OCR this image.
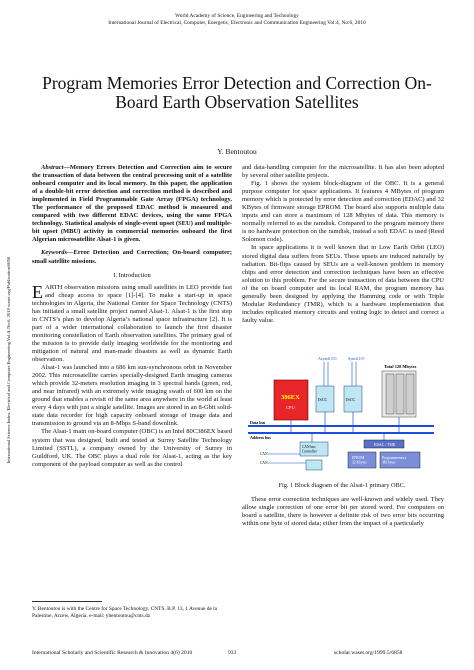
World Academy of Science, Engineering and Technology
International Journal of Electrical, Computer, Energetic, Electronic and Communication Engineering Vol:4, No:6, 2010
International Science Index, Electrical and Computer Engineering Vol:4, No:6, 2010 waset.org/Publication/6858
Program Memories Error Detection and Correction On-Board Earth Observation Satellites
Y. Bentoutou

Abstract—Memory Errors Detection and Correction aim to secure the transaction of data between the central processing unit of a satellite onboard computer and its local memory. In this paper, the application of a double-bit error detection and correction method is described and implemented in Field Programmable Gate Array (FPGA) technology. The performance of the proposed EDAC method is measured and compared with two different EDAC devices, using the same FPGA technology. Statistical analysis of single-event upset (SEU) and multiple-bit upset (MBU) activity in commercial memories onboard the first Algerian microsatellite Alsat-1 is given.

Keywords—Error Detection and Correction; On-board computer; small satellite missions.

I. Introduction

EARTH observation missions using small satellites in LEO provide fast and cheap access to space [1]-[4]. To make a start-up in space technologies in Algeria, the National Center for Space Technology (CNTS) has initiated a small satellite project named Alsat-1. Alsat-1 is the first step in CNTS’s plan to develop Algeria’s national space infrastructure [2]. It is part of a wider international collaboration to launch the first disaster monitoring constellation of Earth observation satellites. The primary goal of the mission is to provide daily imaging worldwide for the monitoring and mitigation of natural and man-made disasters as well as dynamic Earth observation.

Alsat-1 was launched into a 686 km sun-synchronous orbit in November 2002. This microsatellite carries specially-designed Earth imaging cameras which provide 32-meters resolution imaging in 3 spectral bands (green, red, and near infrared) with an extremely wide imaging swath of 600 km on the ground that enables a revisit of the same area anywhere in the world at least every 4 days with just a single satellite. Images are stored in an 8-Gbit solid-state data recorder for high capacity onboard storage of image data and transmission to ground via an 8-Mbps S-band downlink.

The Alsat-1 main on-board computer (OBC) is an Intel 80C386EX based system that was designed, built and tested at Surrey Satellite Technology Limited (SSTL), a company owned by the University of Surrey in Guildford, UK. The OBC plays a dual role for Alsat-1, acting as the key component of the payload computer as well as the control

Y. Bentoutou is with the Centre for Space Technology, CNTS. B.P. 13, 1 Avenue de la Palestine, Arzew, Algeria. e-mail: ybentoutou@cnts.dz

and data-handling computer for the microsatellite. It has also been adopted by several other satellite projects.

Fig. 1 shows the system block-diagram of the OBC. It is a general purpose computer for space applications. It features 4 MBytes of program memory which is protected by error detection and correction (EDAC) and 32 KBytes of firmware storage EPROM. The board also supports multiple data inputs and can store a maximum of 128 Mbytes of data. This memory is normally referred to as the ramdisk. Compared to the program memory there is no hardware protection on the ramdisk, instead a soft EDAC is used (Reed Solomon code).

In space applications it is well known that in Low Earth Orbit (LEO) stored digital data suffers from SEUs. These upsets are induced naturally by radiation. Bit-flips caused by SEUs are a well-known problem in memory chips and error detection and correction techniques have been an effective solution to this problem. For the secure transaction of data between the CPU of the on board computer and its local RAM, the program memory has generally been designed by applying the Hamming code or with Triple Modular Redundancy (TMR), which is a hardware implementation that includes replicated memory circuits and voting logic to detect and correct a faulty value.

Asynch I/O	Synch I/O
Total 128 Mbytes
386EX
CPU
ISCC	ISCC
Data bus
Address bus
CAN bus Controller
CAN
CAN
EDAC / TMR
EPROM 32 Kbytes
Programmemory 4M bytes
Fig. 1 Block diagram of the Alsat-1 primary OBC.

These error correction techniques are well-known and widely used. They allow single correction of one error bit per stored word. For computers on board a satellite, there is however a definite risk of two error bits occurring within one byte of stored data; either from the impact of a particularly

International Scholarly and Scientific Research & Innovation 4(6) 2010	933	scholar.waset.org/1999.5/6858
